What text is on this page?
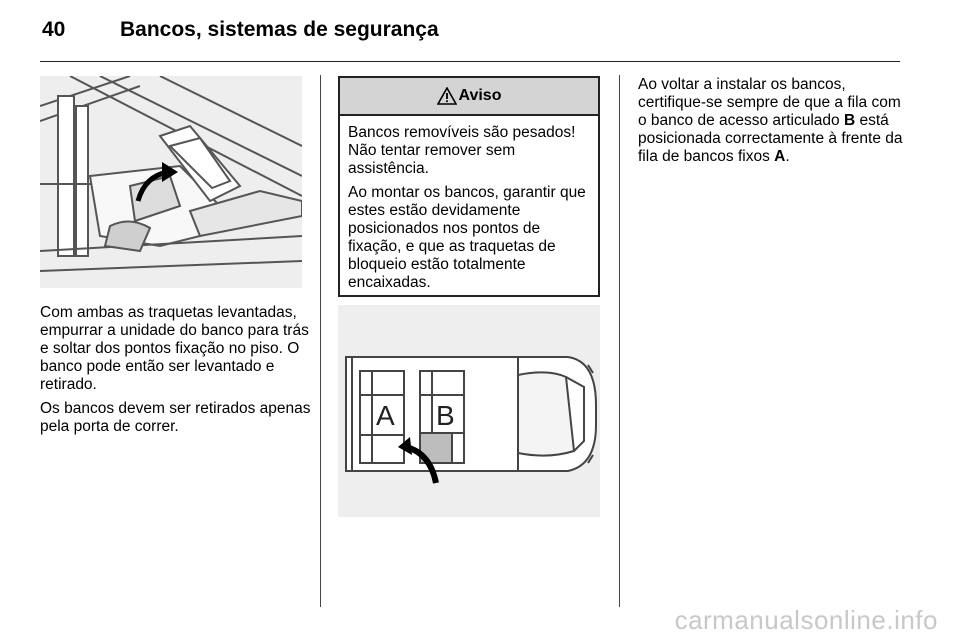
40	Bancos, sistemas de segurança

Com ambas as traquetas levantadas, empurrar a unidade do banco para trás e soltar dos pontos fixação no piso. O banco pode então ser levantado e retirado.

Os bancos devem ser retirados apenas pela porta de correr.

Aviso

Bancos removíveis são pesados! Não tentar remover sem assistência.

Ao montar os bancos, garantir que estes estão devidamente posicionados nos pontos de fixação, e que as traquetas de bloqueio estão totalmente encaixadas.

A B

Ao voltar a instalar os bancos, certifique-se sempre de que a fila com o banco de acesso articulado B está posicionada correctamente à frente da fila de bancos fixos A.

carmanualsonline.info
